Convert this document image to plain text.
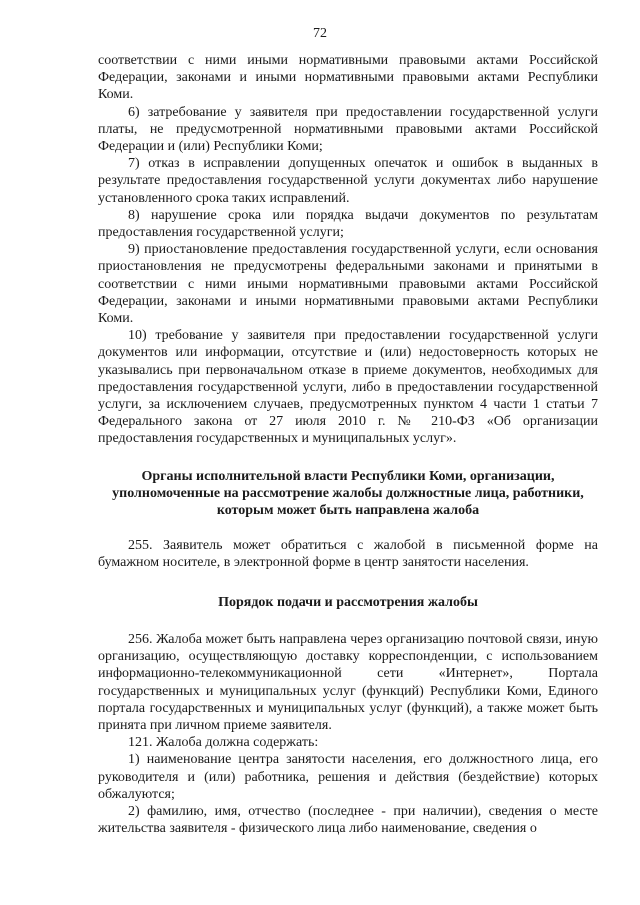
72

соответствии с ними иными нормативными правовыми актами Российской Федерации, законами и иными нормативными правовыми актами Республики Коми.

6) затребование у заявителя при предоставлении государственной услуги платы, не предусмотренной нормативными правовыми актами Российской Федерации и (или) Республики Коми;

7) отказ в исправлении допущенных опечаток и ошибок в выданных в результате предоставления государственной услуги документах либо нарушение установленного срока таких исправлений.

8) нарушение срока или порядка выдачи документов по результатам предоставления государственной услуги;

9) приостановление предоставления государственной услуги, если основания приостановления не предусмотрены федеральными законами и принятыми в соответствии с ними иными нормативными правовыми актами Российской Федерации, законами и иными нормативными правовыми актами Республики Коми.

10) требование у заявителя при предоставлении государственной услуги документов или информации, отсутствие и (или) недостоверность которых не указывались при первоначальном отказе в приеме документов, необходимых для предоставления государственной услуги, либо в предоставлении государственной услуги, за исключением случаев, предусмотренных пунктом 4 части 1 статьи 7 Федерального закона от 27 июля 2010 г. № 210-ФЗ «Об организации предоставления государственных и муниципальных услуг».

Органы исполнительной власти Республики Коми, организации, уполномоченные на рассмотрение жалобы должностные лица, работники, которым может быть направлена жалоба

255. Заявитель может обратиться с жалобой в письменной форме на бумажном носителе, в электронной форме в центр занятости населения.

Порядок подачи и рассмотрения жалобы

256. Жалоба может быть направлена через организацию почтовой связи, иную организацию, осуществляющую доставку корреспонденции, с использованием информационно-телекоммуникационной сети «Интернет», Портала государственных и муниципальных услуг (функций) Республики Коми, Единого портала государственных и муниципальных услуг (функций), а также может быть принята при личном приеме заявителя.

121. Жалоба должна содержать:

1) наименование центра занятости населения, его должностного лица, его руководителя и (или) работника, решения и действия (бездействие) которых обжалуются;

2) фамилию, имя, отчество (последнее - при наличии), сведения о месте жительства заявителя - физического лица либо наименование, сведения о
